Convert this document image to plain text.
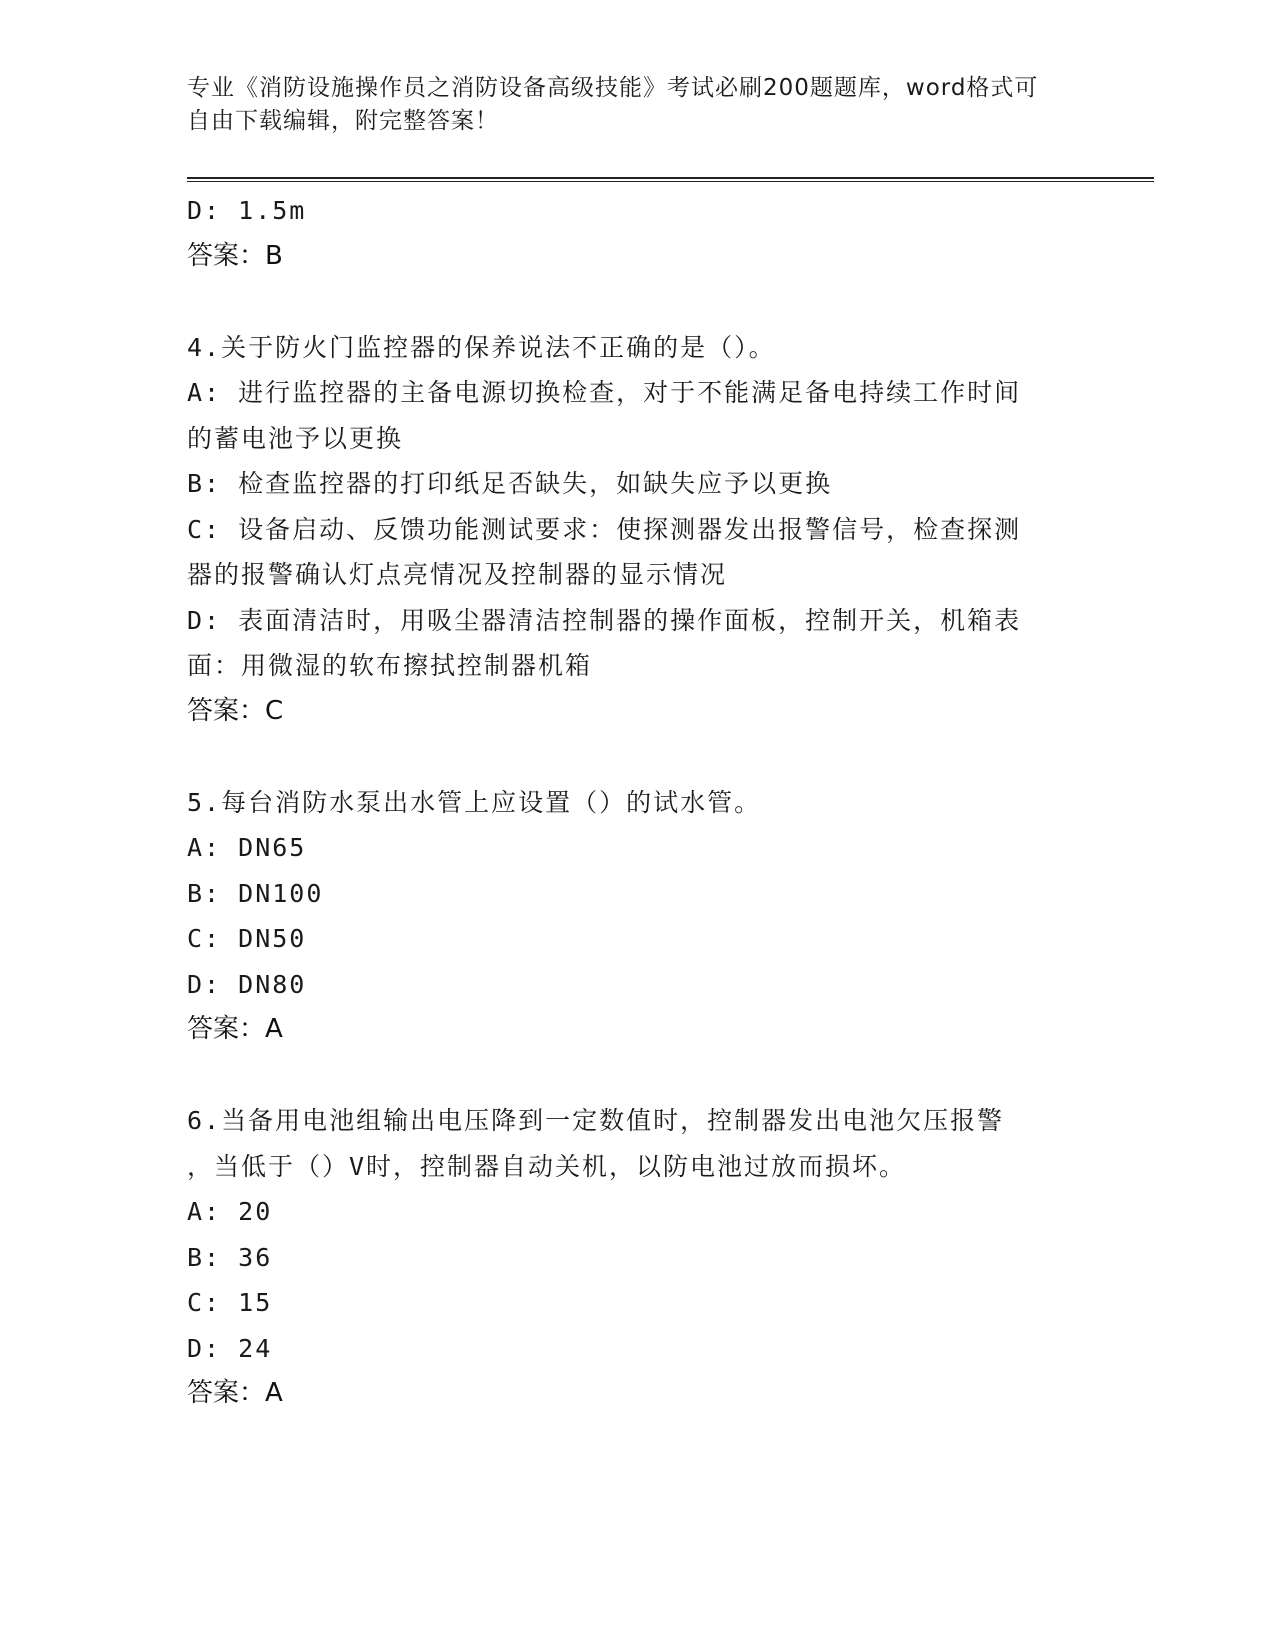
专业《消防设施操作员之消防设备高级技能》考试必刷200题题库，word格式可
自由下载编辑，附完整答案！
D: 1.5m
答案：B
4.关于防火门监控器的保养说法不正确的是（）。
A: 进行监控器的主备电源切换检查，对于不能满足备电持续工作时间
的蓄电池予以更换
B: 检查监控器的打印纸足否缺失，如缺失应予以更换
C: 设备启动、反馈功能测试要求：使探测器发出报警信号，检查探测
器的报警确认灯点亮情况及控制器的显示情况
D: 表面清洁时，用吸尘器清洁控制器的操作面板，控制开关，机箱表
面：用微湿的软布擦拭控制器机箱
答案：C
5.每台消防水泵出水管上应设置（）的试水管。
A: DN65
B: DN100
C: DN50
D: DN80
答案：A
6.当备用电池组输出电压降到一定数值时，控制器发出电池欠压报警
，当低于（）V时，控制器自动关机，以防电池过放而损坏。
A: 20
B: 36
C: 15
D: 24
答案：A
